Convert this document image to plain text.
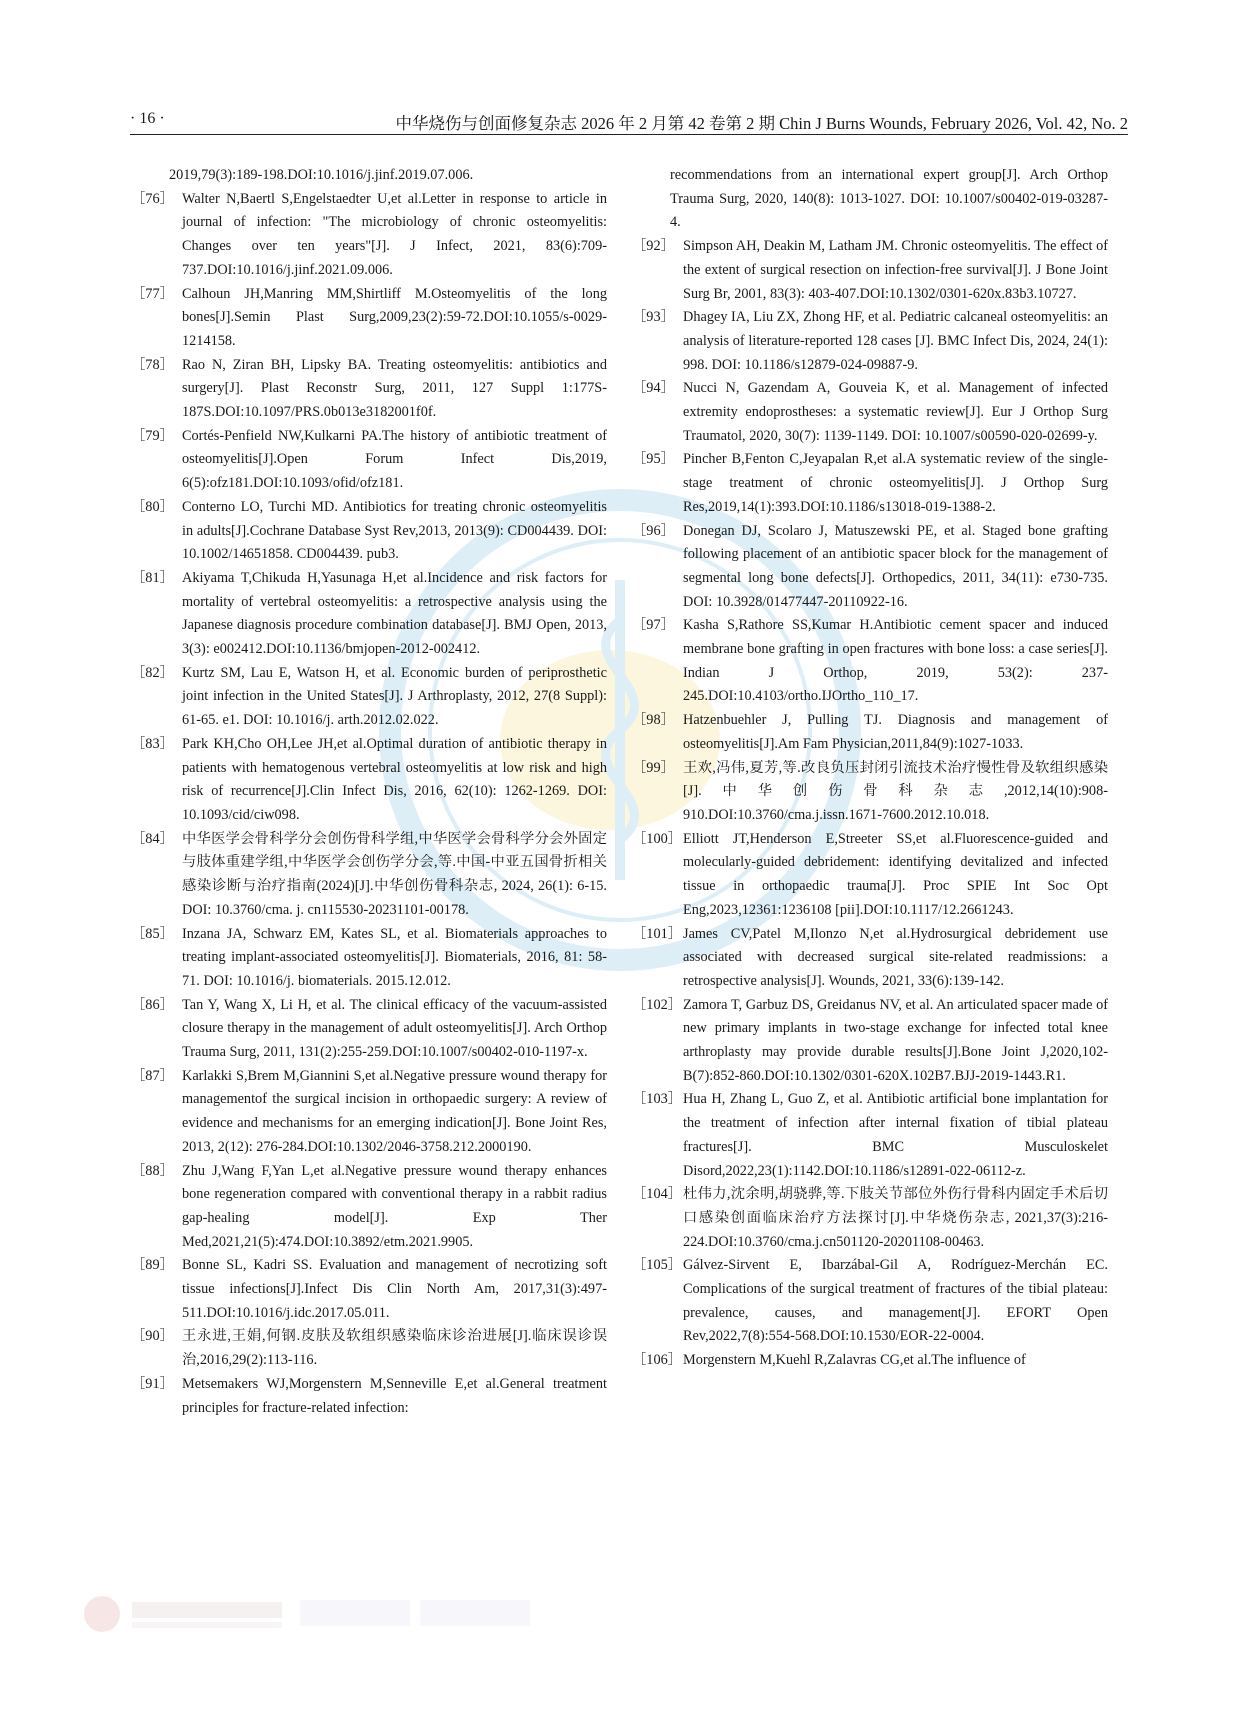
· 16 ·	中华烧伤与创面修复杂志 2026 年 2 月第 42 卷第 2 期 Chin J Burns Wounds, February 2026, Vol. 42, No. 2
2019,79(3):189-198.DOI:10.1016/j.jinf.2019.07.006.
［76］ Walter N,Baertl S,Engelstaedter U,et al.Letter in response to article in journal of infection: "The microbiology of chronic osteomyelitis: Changes over ten years"[J]. J Infect, 2021, 83(6):709-737.DOI:10.1016/j.jinf.2021.09.006.
［77］ Calhoun JH,Manring MM,Shirtliff M.Osteomyelitis of the long bones[J].Semin Plast Surg,2009,23(2):59-72.DOI:10.1055/s-0029-1214158.
［78］ Rao N, Ziran BH, Lipsky BA. Treating osteomyelitis: antibiotics and surgery[J]. Plast Reconstr Surg, 2011, 127 Suppl 1:177S-187S.DOI:10.1097/PRS.0b013e3182001f0f.
［79］ Cortés-Penfield NW,Kulkarni PA.The history of antibiotic treatment of osteomyelitis[J].Open Forum Infect Dis,2019, 6(5):ofz181.DOI:10.1093/ofid/ofz181.
［80］ Conterno LO, Turchi MD. Antibiotics for treating chronic osteomyelitis in adults[J].Cochrane Database Syst Rev,2013, 2013(9): CD004439. DOI: 10.1002/14651858. CD004439. pub3.
［81］ Akiyama T,Chikuda H,Yasunaga H,et al.Incidence and risk factors for mortality of vertebral osteomyelitis: a retrospective analysis using the Japanese diagnosis procedure combination database[J]. BMJ Open, 2013, 3(3): e002412.DOI:10.1136/bmjopen-2012-002412.
［82］ Kurtz SM, Lau E, Watson H, et al. Economic burden of periprosthetic joint infection in the United States[J]. J Arthroplasty, 2012, 27(8 Suppl): 61-65. e1. DOI: 10.1016/j. arth.2012.02.022.
［83］ Park KH,Cho OH,Lee JH,et al.Optimal duration of antibiotic therapy in patients with hematogenous vertebral osteomyelitis at low risk and high risk of recurrence[J].Clin Infect Dis, 2016, 62(10): 1262-1269. DOI: 10.1093/cid/ciw098.
［84］ 中华医学会骨科学分会创伤骨科学组,中华医学会骨科学分会外固定与肢体重建学组,中华医学会创伤学分会,等.中国-中亚五国骨折相关感染诊断与治疗指南(2024)[J].中华创伤骨科杂志, 2024, 26(1): 6-15. DOI: 10.3760/cma. j. cn115530-20231101-00178.
［85］ Inzana JA, Schwarz EM, Kates SL, et al. Biomaterials approaches to treating implant-associated osteomyelitis[J]. Biomaterials, 2016, 81: 58-71. DOI: 10.1016/j. biomaterials. 2015.12.012.
［86］ Tan Y, Wang X, Li H, et al. The clinical efficacy of the vacuum-assisted closure therapy in the management of adult osteomyelitis[J]. Arch Orthop Trauma Surg, 2011, 131(2):255-259.DOI:10.1007/s00402-010-1197-x.
［87］ Karlakki S,Brem M,Giannini S,et al.Negative pressure wound therapy for managementof the surgical incision in orthopaedic surgery: A review of evidence and mechanisms for an emerging indication[J]. Bone Joint Res, 2013, 2(12): 276-284.DOI:10.1302/2046-3758.212.2000190.
［88］ Zhu J,Wang F,Yan L,et al.Negative pressure wound therapy enhances bone regeneration compared with conventional therapy in a rabbit radius gap-healing model[J]. Exp Ther Med,2021,21(5):474.DOI:10.3892/etm.2021.9905.
［89］ Bonne SL, Kadri SS. Evaluation and management of necrotizing soft tissue infections[J].Infect Dis Clin North Am, 2017,31(3):497-511.DOI:10.1016/j.idc.2017.05.011.
［90］ 王永进,王娟,何钢.皮肤及软组织感染临床诊治进展[J].临床误诊误治,2016,29(2):113-116.
［91］ Metsemakers WJ,Morgenstern M,Senneville E,et al.General treatment principles for fracture-related infection:
recommendations from an international expert group[J]. Arch Orthop Trauma Surg, 2020, 140(8): 1013-1027. DOI: 10.1007/s00402-019-03287-4.
［92］ Simpson AH, Deakin M, Latham JM. Chronic osteomyelitis. The effect of the extent of surgical resection on infection-free survival[J]. J Bone Joint Surg Br, 2001, 83(3): 403-407.DOI:10.1302/0301-620x.83b3.10727.
［93］ Dhagey IA, Liu ZX, Zhong HF, et al. Pediatric calcaneal osteomyelitis: an analysis of literature-reported 128 cases [J]. BMC Infect Dis, 2024, 24(1): 998. DOI: 10.1186/s12879-024-09887-9.
［94］ Nucci N, Gazendam A, Gouveia K, et al. Management of infected extremity endoprostheses: a systematic review[J]. Eur J Orthop Surg Traumatol, 2020, 30(7): 1139-1149. DOI: 10.1007/s00590-020-02699-y.
［95］ Pincher B,Fenton C,Jeyapalan R,et al.A systematic review of the single-stage treatment of chronic osteomyelitis[J]. J Orthop Surg Res,2019,14(1):393.DOI:10.1186/s13018-019-1388-2.
［96］ Donegan DJ, Scolaro J, Matuszewski PE, et al. Staged bone grafting following placement of an antibiotic spacer block for the management of segmental long bone defects[J]. Orthopedics, 2011, 34(11): e730-735. DOI: 10.3928/01477447-20110922-16.
［97］ Kasha S,Rathore SS,Kumar H.Antibiotic cement spacer and induced membrane bone grafting in open fractures with bone loss: a case series[J]. Indian J Orthop, 2019, 53(2): 237-245.DOI:10.4103/ortho.IJOrtho_110_17.
［98］ Hatzenbuehler J, Pulling TJ. Diagnosis and management of osteomyelitis[J].Am Fam Physician,2011,84(9):1027-1033.
［99］ 王欢,冯伟,夏芳,等.改良负压封闭引流技术治疗慢性骨及软组织感染[J].中华创伤骨科杂志,2012,14(10):908-910.DOI:10.3760/cma.j.issn.1671-7600.2012.10.018.
［100］ Elliott JT,Henderson E,Streeter SS,et al.Fluorescence-guided and molecularly-guided debridement: identifying devitalized and infected tissue in orthopaedic trauma[J]. Proc SPIE Int Soc Opt Eng,2023,12361:1236108 [pii].DOI:10.1117/12.2661243.
［101］ James CV,Patel M,Ilonzo N,et al.Hydrosurgical debridement use associated with decreased surgical site-related readmissions: a retrospective analysis[J]. Wounds, 2021, 33(6):139-142.
［102］ Zamora T, Garbuz DS, Greidanus NV, et al. An articulated spacer made of new primary implants in two-stage exchange for infected total knee arthroplasty may provide durable results[J].Bone Joint J,2020,102-B(7):852-860.DOI:10.1302/0301-620X.102B7.BJJ-2019-1443.R1.
［103］ Hua H, Zhang L, Guo Z, et al. Antibiotic artificial bone implantation for the treatment of infection after internal fixation of tibial plateau fractures[J]. BMC Musculoskelet Disord,2022,23(1):1142.DOI:10.1186/s12891-022-06112-z.
［104］ 杜伟力,沈余明,胡骁骅,等.下肢关节部位外伤行骨科内固定手术后切口感染创面临床治疗方法探讨[J].中华烧伤杂志, 2021,37(3):216-224.DOI:10.3760/cma.j.cn501120-20201108-00463.
［105］ Gálvez-Sirvent E, Ibarzábal-Gil A, Rodríguez-Merchán EC. Complications of the surgical treatment of fractures of the tibial plateau: prevalence, causes, and management[J]. EFORT Open Rev,2022,7(8):554-568.DOI:10.1530/EOR-22-0004.
［106］ Morgenstern M,Kuehl R,Zalavras CG,et al.The influence of
